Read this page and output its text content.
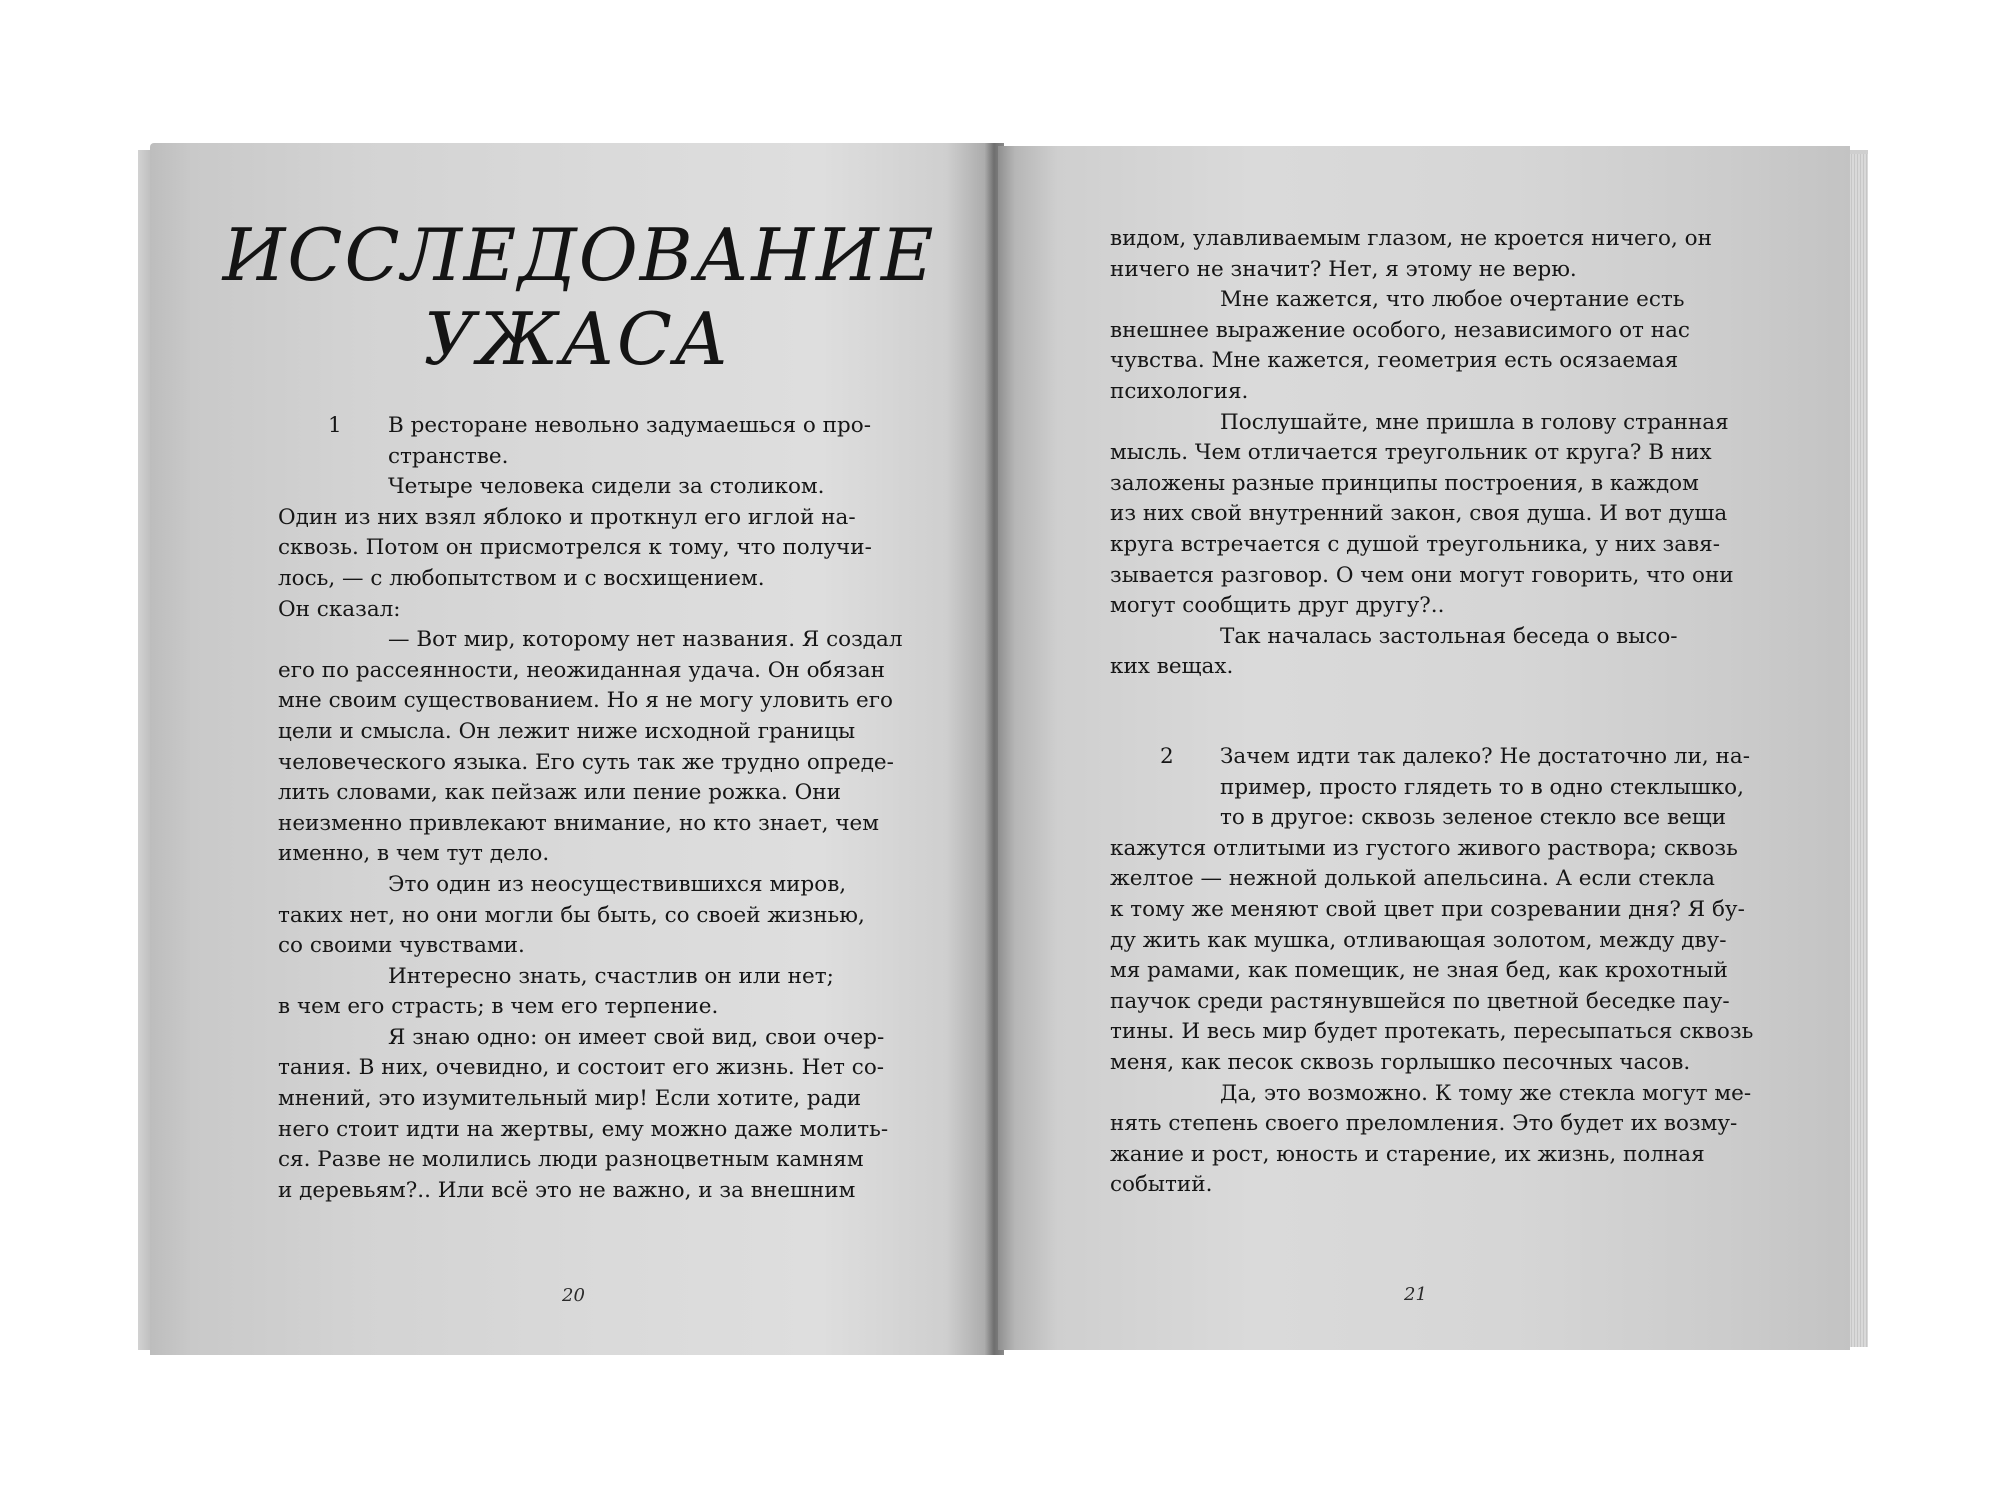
ИССЛЕДОВАНИЕ
УЖАСА
1 В ресторане невольно задумаешься о про-
странстве.
Четыре человека сидели за столиком.
Один из них взял яблоко и проткнул его иглой на-
сквозь. Потом он присмотрелся к тому, что получи-
лось, — с любопытством и с восхищением.
Он сказал:
— Вот мир, которому нет названия. Я создал
его по рассеянности, неожиданная удача. Он обязан
мне своим существованием. Но я не могу уловить его
цели и смысла. Он лежит ниже исходной границы
человеческого языка. Его суть так же трудно опреде-
лить словами, как пейзаж или пение рожка. Они
неизменно привлекают внимание, но кто знает, чем
именно, в чем тут дело.
Это один из неосуществившихся миров,
таких нет, но они могли бы быть, со своей жизнью,
со своими чувствами.
Интересно знать, счастлив он или нет;
в чем его страсть; в чем его терпение.
Я знаю одно: он имеет свой вид, свои очер-
тания. В них, очевидно, и состоит его жизнь. Нет со-
мнений, это изумительный мир! Если хотите, ради
него стоит идти на жертвы, ему можно даже молить-
ся. Разве не молились люди разноцветным камням
и деревьям?.. Или всё это не важно, и за внешним
20
видом, улавливаемым глазом, не кроется ничего, он
ничего не значит? Нет, я этому не верю.
Мне кажется, что любое очертание есть
внешнее выражение особого, независимого от нас
чувства. Мне кажется, геометрия есть осязаемая
психология.
Послушайте, мне пришла в голову странная
мысль. Чем отличается треугольник от круга? В них
заложены разные принципы построения, в каждом
из них свой внутренний закон, своя душа. И вот душа
круга встречается с душой треугольника, у них завя-
зывается разговор. О чем они могут говорить, что они
могут сообщить друг другу?..
Так началась застольная беседа о высо-
ких вещах.
2 Зачем идти так далеко? Не достаточно ли, на-
пример, просто глядеть то в одно стеклышко,
то в другое: сквозь зеленое стекло все вещи
кажутся отлитыми из густого живого раствора; сквозь
желтое — нежной долькой апельсина. А если стекла
к тому же меняют свой цвет при созревании дня? Я бу-
ду жить как мушка, отливающая золотом, между дву-
мя рамами, как помещик, не зная бед, как крохотный
паучок среди растянувшейся по цветной беседке пау-
тины. И весь мир будет протекать, пересыпаться сквозь
меня, как песок сквозь горлышко песочных часов.
Да, это возможно. К тому же стекла могут ме-
нять степень своего преломления. Это будет их возму-
жание и рост, юность и старение, их жизнь, полная
событий.
21
